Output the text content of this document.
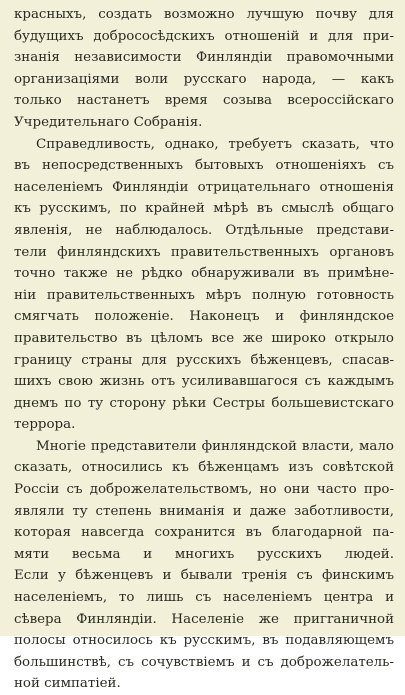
красныхъ, создать возможно лучшую почву для
будущихъ добрососѣдскихъ отношенiй и для при-
знанія независимости Финляндіи правомочными
организаціями воли русскаго народа, — какъ
только настанетъ время созыва всероссійскаго
Учредительнаго Собранія.
Справедливость, однако, требуетъ сказать, что
въ непосредственныхъ бытовыхъ отношеніяхъ съ
населеніемъ Финляндіи отрицательнаго отношенія
къ русскимъ, по крайней мѣрѣ въ смыслѣ общаго
явленія, не наблюдалось. Отдѣльные представи-
тели финляндскихъ правительственныхъ органовъ
точно также не рѣдко обнаруживали въ примѣне-
ніи правительственныхъ мѣръ полную готовность
смягчать положеніе. Наконецъ и финляндское
правительство въ цѣломъ все же широко открыло
границу страны для русскихъ бѣженцевъ, спасав-
шихъ свою жизнь отъ усиливавшагося съ каждымъ
днемъ по ту сторону рѣки Сестры большевистскаго
террора.
Многіе представители финляндской власти, мало
сказать, относились къ бѣженцамъ изъ совѣтской
Россіи съ доброжелательствомъ, но они часто про-
являли ту степень вниманія и даже заботливости,
которая навсегда сохранится въ благодарной па-
мяти весьма и многихъ русскихъ людей.
Если у бѣженцевъ и бывали тренія съ финскимъ
населеніемъ, то лишь съ населеніемъ центра и
сѣвера Финляндіи. Населеніе же пригraничной
полосы относилось къ русскимъ, въ подавляющемъ
большинствѣ, съ сочувствіемъ и съ доброжелатель-
ной симпатіей.
